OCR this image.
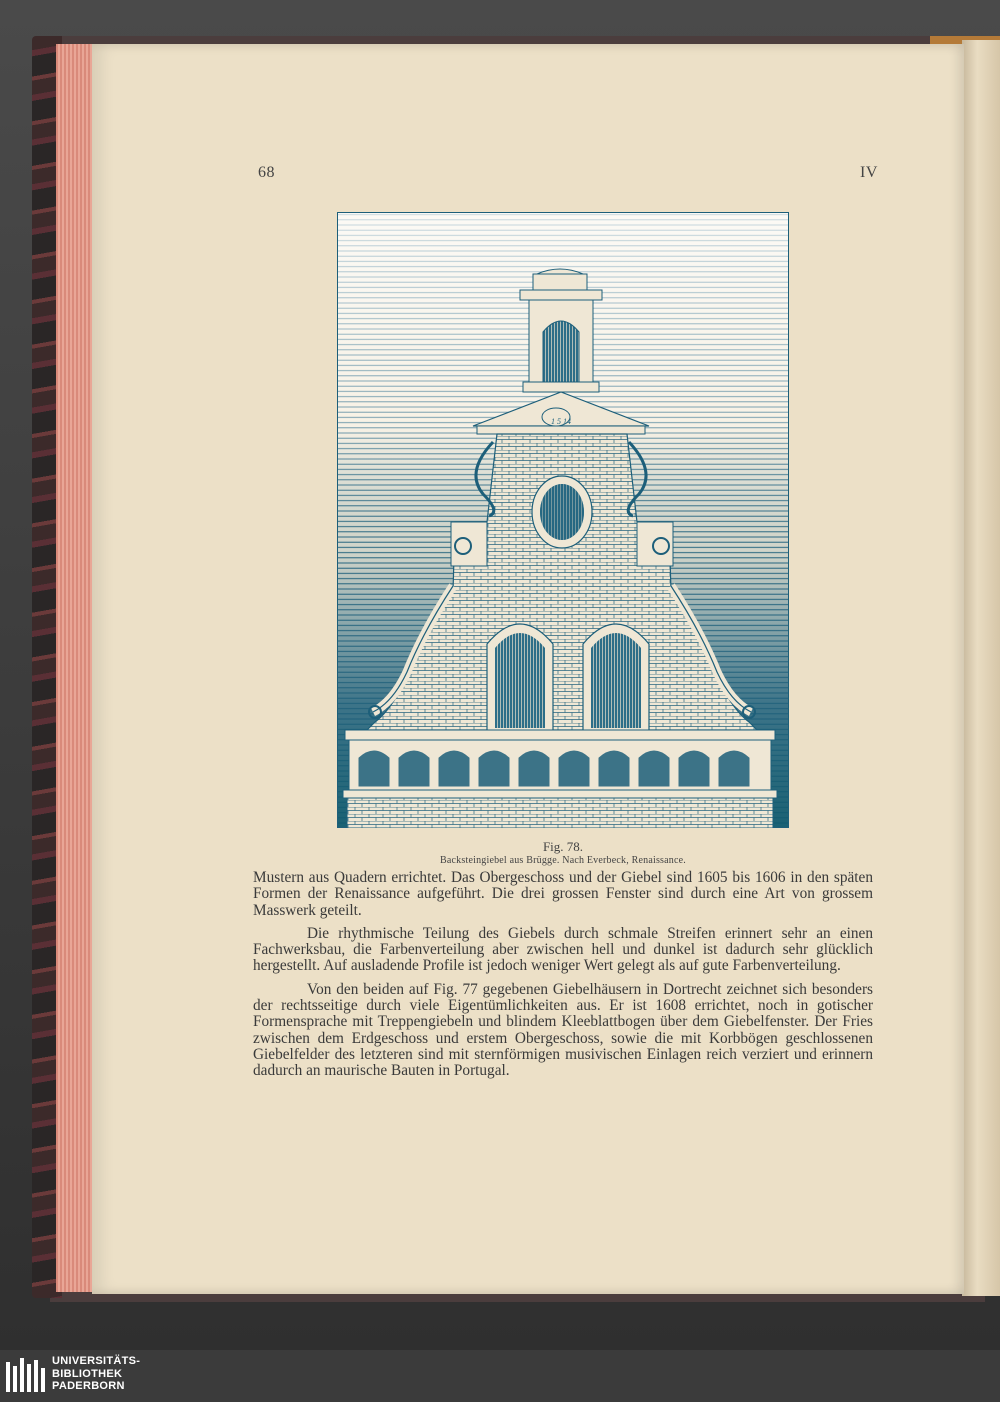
68	IV
1 5 14
Fig. 78.
Backsteingiebel aus Brügge. Nach Everbeck, Renaissance.

Mustern aus Quadern errichtet. Das Obergeschoss und der Giebel sind 1605 bis 1606 in den späten Formen der Renaissance aufgeführt. Die drei grossen Fenster sind durch eine Art von grossem Masswerk geteilt.

Die rhythmische Teilung des Giebels durch schmale Streifen erinnert sehr an einen Fachwerksbau, die Farbenverteilung aber zwischen hell und dunkel ist dadurch sehr glücklich hergestellt. Auf ausladende Profile ist jedoch weniger Wert gelegt als auf gute Farbenverteilung.

Von den beiden auf Fig. 77 gegebenen Giebelhäusern in Dortrecht zeichnet sich besonders der rechtsseitige durch viele Eigentümlichkeiten aus. Er ist 1608 errichtet, noch in gotischer Formensprache mit Treppengiebeln und blindem Kleeblattbogen über dem Giebelfenster. Der Fries zwischen dem Erdgeschoss und erstem Obergeschoss, sowie die mit Korbbögen geschlossenen Giebelfelder des letzteren sind mit sternförmigen musivischen Einlagen reich verziert und erinnern dadurch an maurische Bauten in Portugal.

UNIVERSITÄTS-
BIBLIOTHEK
PADERBORN
